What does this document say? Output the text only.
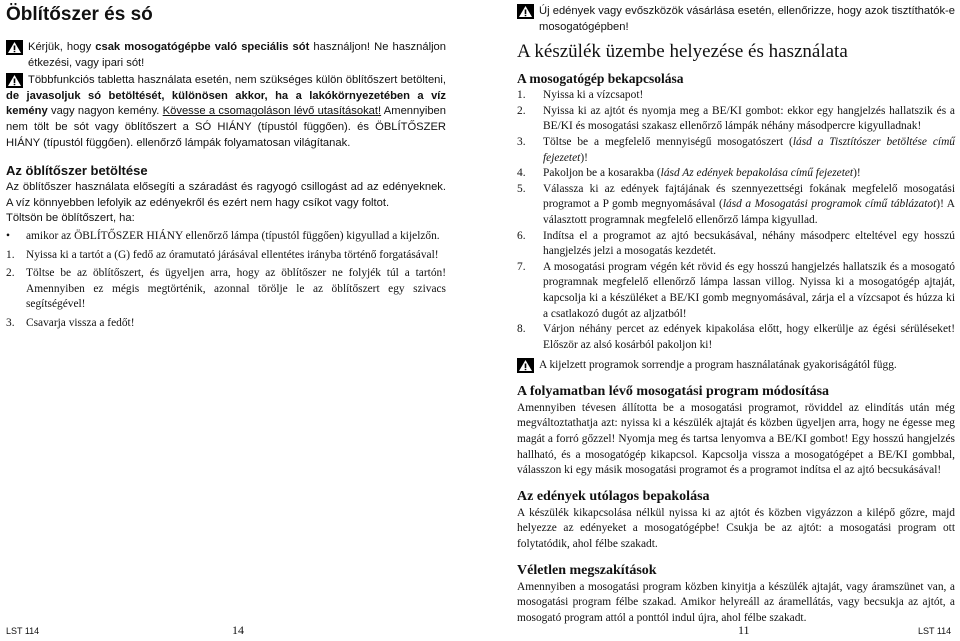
Öblítőszer és só

Kérjük, hogy csak mosogatógépbe való speciális sót használjon! Ne használjon étkezési, vagy ipari sót!

Többfunkciós tabletta használata esetén, nem szükséges külön öblítőszert betölteni, de javasoljuk só betöltését, különösen akkor, ha a lakókörnyezetében a víz kemény vagy nagyon kemény. Kövesse a csomagoláson lévő utasításokat! Amennyiben nem tölt be sót vagy öblítőszert a SÓ HIÁNY (típustól függően). és ÖBLÍTŐSZER HIÁNY (típustól függően). ellenőrző lámpák folyamatosan világítanak.

Az öblítőszer betöltése

Az öblítőszer használata elősegíti a száradást és ragyogó csillogást ad az edényeknek. A víz könnyebben lefolyik az edényekről és ezért nem hagy csíkot vagy foltot.

Töltsön be öblítőszert, ha:

•	amikor az ÖBLÍTŐSZER HIÁNY ellenőrző lámpa (típustól függően) kigyullad a kijelzőn.
1.	Nyissa ki a tartót a (G) fedő az óramutató járásával ellentétes irányba történő forgatásával!
2.	Töltse be az öblítőszert, és ügyeljen arra, hogy az öblítőszer ne folyjék túl a tartón! Amennyiben ez mégis megtörténik, azonnal törölje le az öblítőszert egy szivacs segítségével!
3.	Csavarja vissza a fedőt!

Új edények vagy evőszközök vásárlása esetén, ellenőrizze, hogy azok tisztíthatók-e mosogatógépben!

A készülék üzembe helyezése és használata
A mosogatógép bekapcsolása
1.	Nyissa ki a vízcsapot!
2.	Nyissa ki az ajtót és nyomja meg a BE/KI gombot: ekkor egy hangjelzés hallatszik és a BE/KI és mosogatási szakasz ellenőrző lámpák néhány másodpercre kigyulladnak!
3.	Töltse be a megfelelő mennyiségű mosogatószert (lásd a Tisztítószer betöltése című fejezetet)!
4.	Pakoljon be a kosarakba (lásd Az edények bepakolása című fejezetet)!
5.	Válassza ki az edények fajtájának és szennyezettségi fokának megfelelő mosogatási programot a P gomb megnyomásával (lásd a Mosogatási programok című táblázatot)! A választott programnak megfelelő ellenőrző lámpa kigyullad.
6.	Indítsa el a programot az ajtó becsukásával, néhány másodperc elteltével egy hosszú hangjelzés jelzi a mosogatás kezdetét.
7.	A mosogatási program végén két rövid és egy hosszú hangjelzés hallatszik és a mosogató programnak megfelelő ellenőrző lámpa lassan villog. Nyissa ki a mosogatógép ajtaját, kapcsolja ki a készüléket a BE/KI gomb megnyomásával, zárja el a vízcsapot és húzza ki a csatlakozó dugót az aljzatból!
8.	Várjon néhány percet az edények kipakolása előtt, hogy elkerülje az égési sérüléseket! Először az alsó kosárból pakoljon ki!

A kijelzett programok sorrendje a program használatának gyakoriságától függ.

A folyamatban lévő mosogatási program módosítása

Amennyiben tévesen állította be a mosogatási programot, röviddel az elindítás után még megváltoztathatja azt: nyissa ki a készülék ajtaját és közben ügyeljen arra, hogy ne égesse meg magát a forró gőzzel! Nyomja meg és tartsa lenyomva a BE/KI gombot! Egy hosszú hangjelzés hallható, és a mosogatógép kikapcsol. Kapcsolja vissza a mosogatógépet a BE/KI gombbal, válasszon ki egy másik mosogatási programot és a programot indítsa el az ajtó becsukásával!

Az edények utólagos bepakolása

A készülék kikapcsolása nélkül nyissa ki az ajtót és közben vigyázzon a kilépő gőzre, majd helyezze az edényeket a mosogatógépbe! Csukja be az ajtót: a mosogatási program ott folytatódik, ahol félbe szakadt.

Véletlen megszakítások

Amennyiben a mosogatási program közben kinyitja a készülék ajtaját, vagy áramszünet van, a mosogatási program félbe szakad. Amikor helyreáll az áramellátás, vagy becsukja az ajtót, a mosogató program attól a ponttól indul újra, ahol félbe szakadt.

LST 114	14	11	LST 114
